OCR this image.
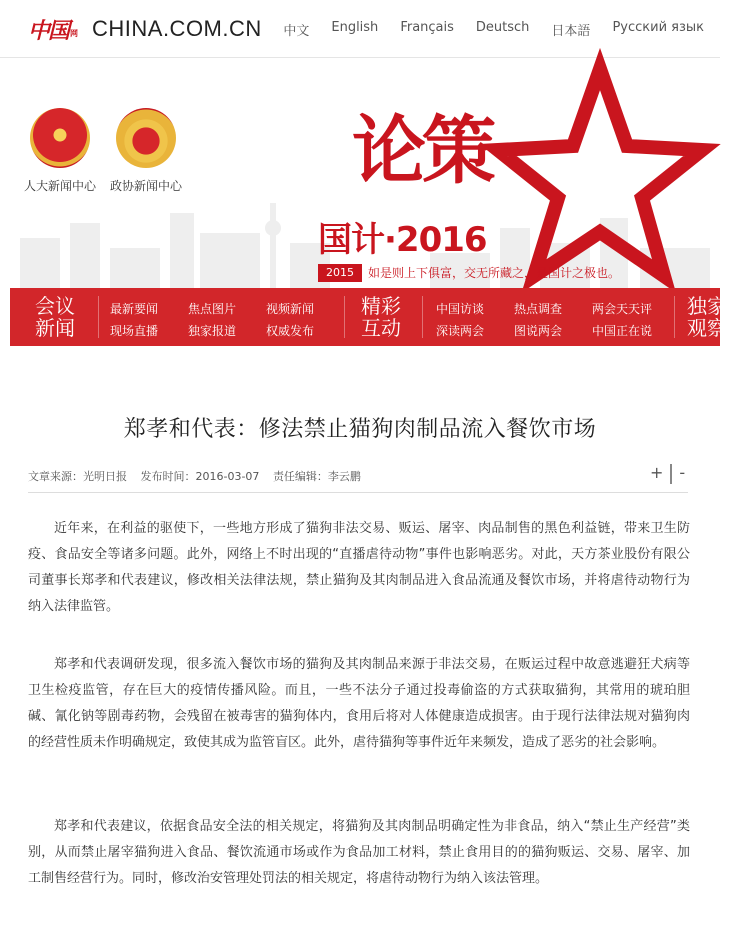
中国 网 CHINA.COM.CN 中文 English Français Deutsch 日本語 Русский язык
人大新闻中心 政协新闻中心 论策
国计·2016
2015	如是则上下俱富，交无所藏之，是国计之极也。
会议
新闻
最新要闻 焦点图片 视频新闻
现场直播 独家报道 权威发布
精彩
互动
中国访谈 热点调查 两会天天评
深读两会 图说两会 中国正在说
独家
观察
郑孝和代表：修法禁止猫狗肉制品流入餐饮市场
文章来源：光明日报 发布时间：2016-03-07 责任编辑：李云鹏	+ -

近年来，在利益的驱使下，一些地方形成了猫狗非法交易、贩运、屠宰、肉品制售的黑色利益链，带来卫生防疫、食品安全等诸多问题。此外，网络上不时出现的“直播虐待动物”事件也影响恶劣。对此，天方茶业股份有限公司董事长郑孝和代表建议，修改相关法律法规，禁止猫狗及其肉制品进入食品流通及餐饮市场，并将虐待动物行为纳入法律监管。

郑孝和代表调研发现，很多流入餐饮市场的猫狗及其肉制品来源于非法交易，在贩运过程中故意逃避狂犬病等卫生检疫监管，存在巨大的疫情传播风险。而且，一些不法分子通过投毒偷盗的方式获取猫狗，其常用的琥珀胆碱、氰化钠等剧毒药物，会残留在被毒害的猫狗体内，食用后将对人体健康造成损害。由于现行法律法规对猫狗肉的经营性质未作明确规定，致使其成为监管盲区。此外，虐待猫狗等事件近年来频发，造成了恶劣的社会影响。

郑孝和代表建议，依据食品安全法的相关规定，将猫狗及其肉制品明确定性为非食品，纳入“禁止生产经营”类别，从而禁止屠宰猫狗进入食品、餐饮流通市场或作为食品加工材料，禁止食用目的的猫狗贩运、交易、屠宰、加工制售经营行为。同时，修改治安管理处罚法的相关规定，将虐待动物行为纳入该法管理。
